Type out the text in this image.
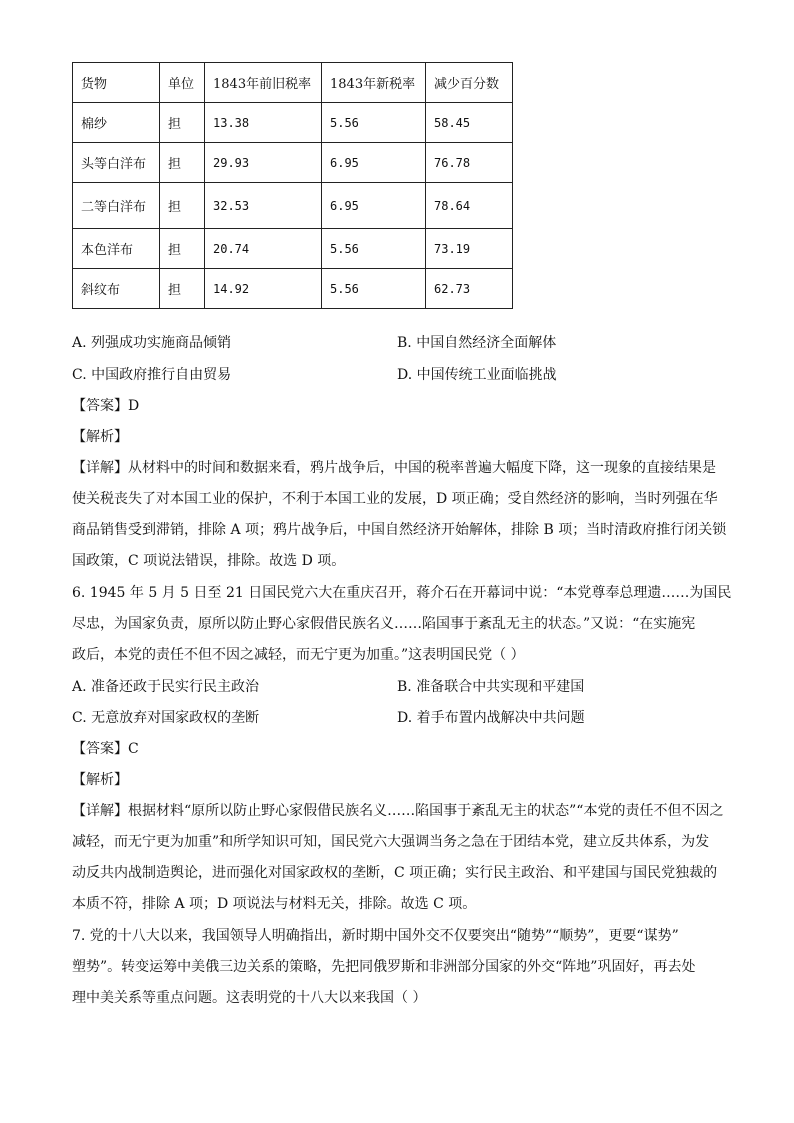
货物	单位	1843年前旧税率	1843年新税率	减少百分数
棉纱	担	13.38	5.56	58.45
头等白洋布	担	29.93	6.95	76.78
二等白洋布	担	32.53	6.95	78.64
本色洋布	担	20.74	5.56	73.19
斜纹布	担	14.92	5.56	62.73
A. 列强成功实施商品倾销	B. 中国自然经济全面解体
C. 中国政府推行自由贸易	D. 中国传统工业面临挑战
【答案】D
【解析】
【详解】从材料中的时间和数据来看，鸦片战争后，中国的税率普遍大幅度下降，这一现象的直接结果是
使关税丧失了对本国工业的保护，不利于本国工业的发展，D 项正确；受自然经济的影响，当时列强在华
商品销售受到滞销，排除 A 项；鸦片战争后，中国自然经济开始解体，排除 B 项；当时清政府推行闭关锁
国政策，C 项说法错误，排除。故选 D 项。
6. 1945 年 5 月 5 日至 21 日国民党六大在重庆召开，蒋介石在开幕词中说：“本党尊奉总理遗……为国民
尽忠，为国家负责，原所以防止野心家假借民族名义……陷国事于紊乱无主的状态。”又说：“在实施宪
政后，本党的责任不但不因之减轻，而无宁更为加重。”这表明国民党（ ）
A. 准备还政于民实行民主政治	B. 准备联合中共实现和平建国
C. 无意放弃对国家政权的垄断	D. 着手布置内战解决中共问题
【答案】C
【解析】
【详解】根据材料“原所以防止野心家假借民族名义……陷国事于紊乱无主的状态”“本党的责任不但不因之
减轻，而无宁更为加重”和所学知识可知，国民党六大强调当务之急在于团结本党，建立反共体系，为发
动反共内战制造舆论，进而强化对国家政权的垄断，C 项正确；实行民主政治、和平建国与国民党独裁的
本质不符，排除 A 项；D 项说法与材料无关，排除。故选 C 项。
7. 党的十八大以来，我国领导人明确指出，新时期中国外交不仅要突出“随势”“顺势”，更要“谋势”
塑势”。转变运筹中美俄三边关系的策略，先把同俄罗斯和非洲部分国家的外交“阵地”巩固好，再去处
理中美关系等重点问题。这表明党的十八大以来我国（ ）
